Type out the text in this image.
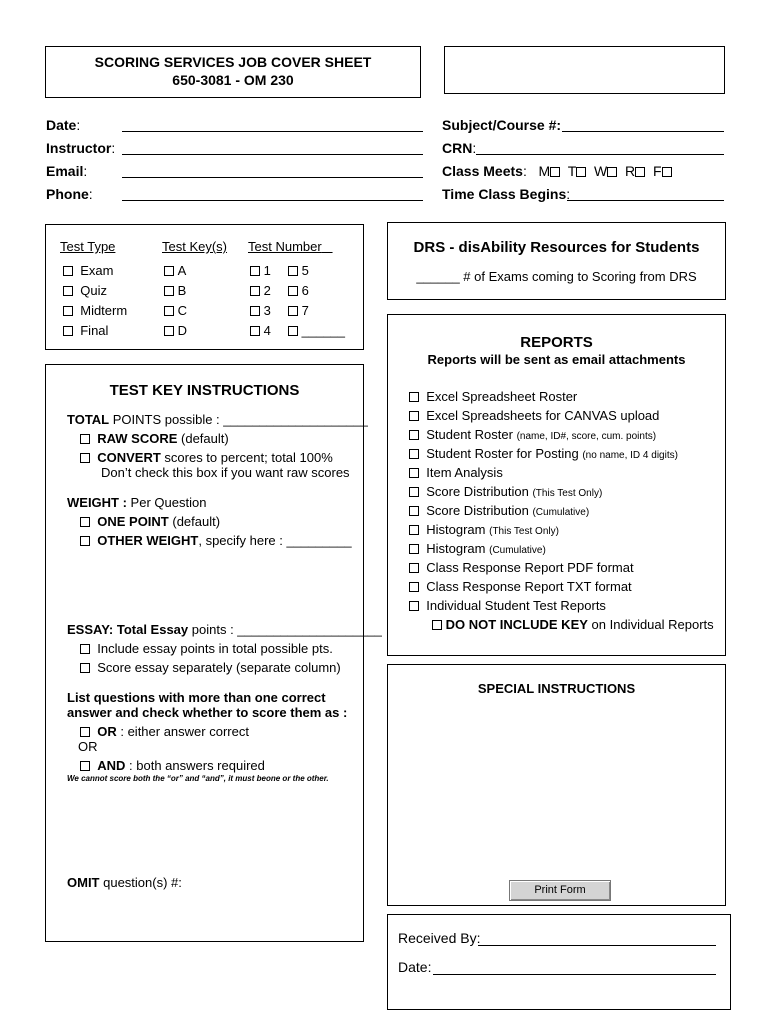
SCORING SERVICES JOB COVER SHEET
650-3081 - OM 230
Date:
Instructor:
Email:
Phone:
Subject/Course #:
CRN:
Class Meets: M T W R F
Time Class Begins:
Test Type	Test Key(s) Test Number
Exam
Quiz
Midterm
Final
A
B
C
D
1
2
3
4
5
6
7
______
DRS - disAbility Resources for Students
______ # of Exams coming to Scoring from DRS
REPORTS
Reports will be sent as email attachments
Excel Spreadsheet Roster
Excel Spreadsheets for CANVAS upload
Student Roster (name, ID#, score, cum. points)
Student Roster for Posting (no name, ID 4 digits)
Item Analysis
Score Distribution (This Test Only)
Score Distribution (Cumulative)
Histogram (This Test Only)
Histogram (Cumulative)
Class Response Report PDF format
Class Response Report TXT format
Individual Student Test Reports
DO NOT INCLUDE KEY on Individual Reports
TEST KEY INSTRUCTIONS
TOTAL POINTS possible : ____________________
RAW SCORE (default)
CONVERT scores to percent; total 100%
Don’t check this box if you want raw scores
WEIGHT : Per Question
ONE POINT (default)
OTHER WEIGHT, specify here : _________
ESSAY: Total Essay points : ____________________
Include essay points in total possible pts.
Score essay separately (separate column)
List questions with more than one correct
answer and check whether to score them as :
OR : either answer correct
OR
AND : both answers required
We cannot score both the “or” and “and”, it must beone or the other.
OMIT question(s) #:
SPECIAL INSTRUCTIONS
Print Form
Received By:
Date:
